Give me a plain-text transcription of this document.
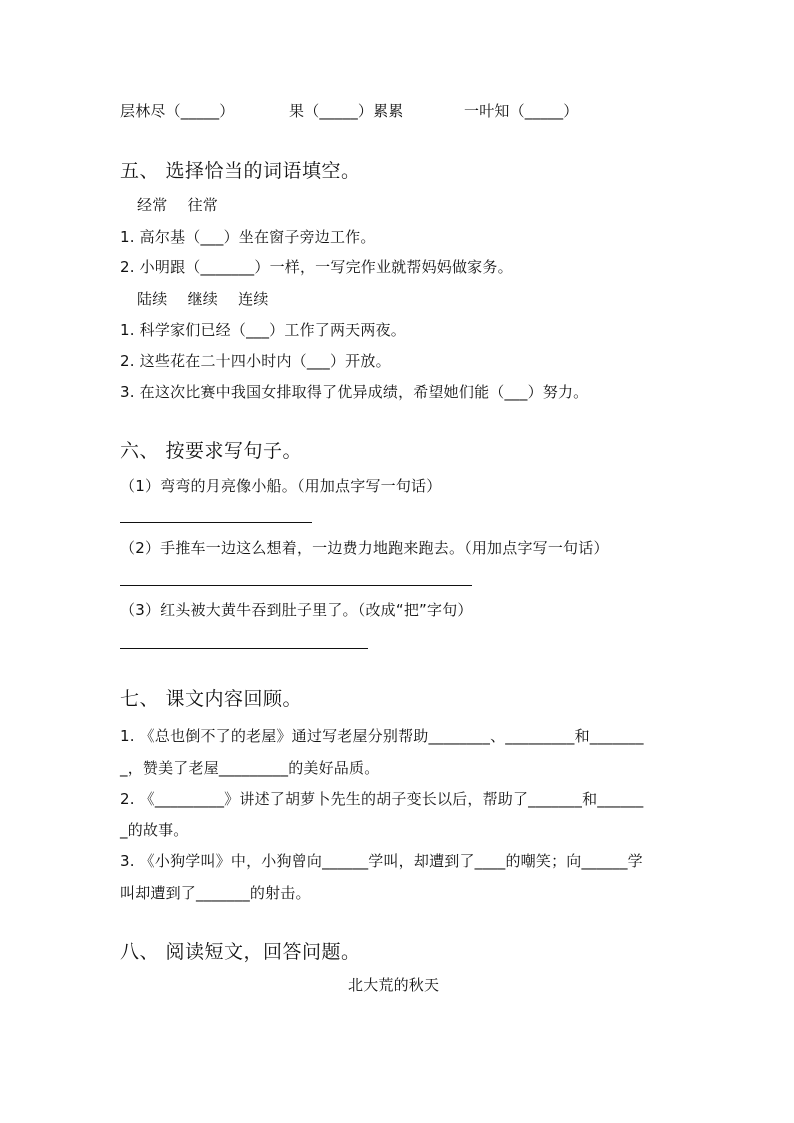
层林尽（_____）	果（_____）累累	一叶知（_____）
五、 选择恰当的词语填空。
经常　 往常
1. 高尔基（___）坐在窗子旁边工作。
2. 小明跟（_______）一样，一写完作业就帮妈妈做家务。
陆续　 继续　 连续
1. 科学家们已经（___）工作了两天两夜。
2. 这些花在二十四小时内（___）开放。
3. 在这次比赛中我国女排取得了优异成绩，希望她们能（___）努力。
六、 按要求写句子。
（1）弯弯的月亮像小船。（用加点字写一句话）
（2）手推车一边这么想着，一边费力地跑来跑去。（用加点字写一句话）
（3）红头被大黄牛吞到肚子里了。（改成“把”字句）
七、 课文内容回顾。
1. 《总也倒不了的老屋》通过写老屋分别帮助________、_________和_______
_，赞美了老屋_________的美好品质。
2. 《_________》讲述了胡萝卜先生的胡子变长以后，帮助了_______和______
_的故事。
3. 《小狗学叫》中，小狗曾向______学叫，却遭到了____的嘲笑；向______学
叫却遭到了_______的射击。
八、 阅读短文，回答问题。
北大荒的秋天
